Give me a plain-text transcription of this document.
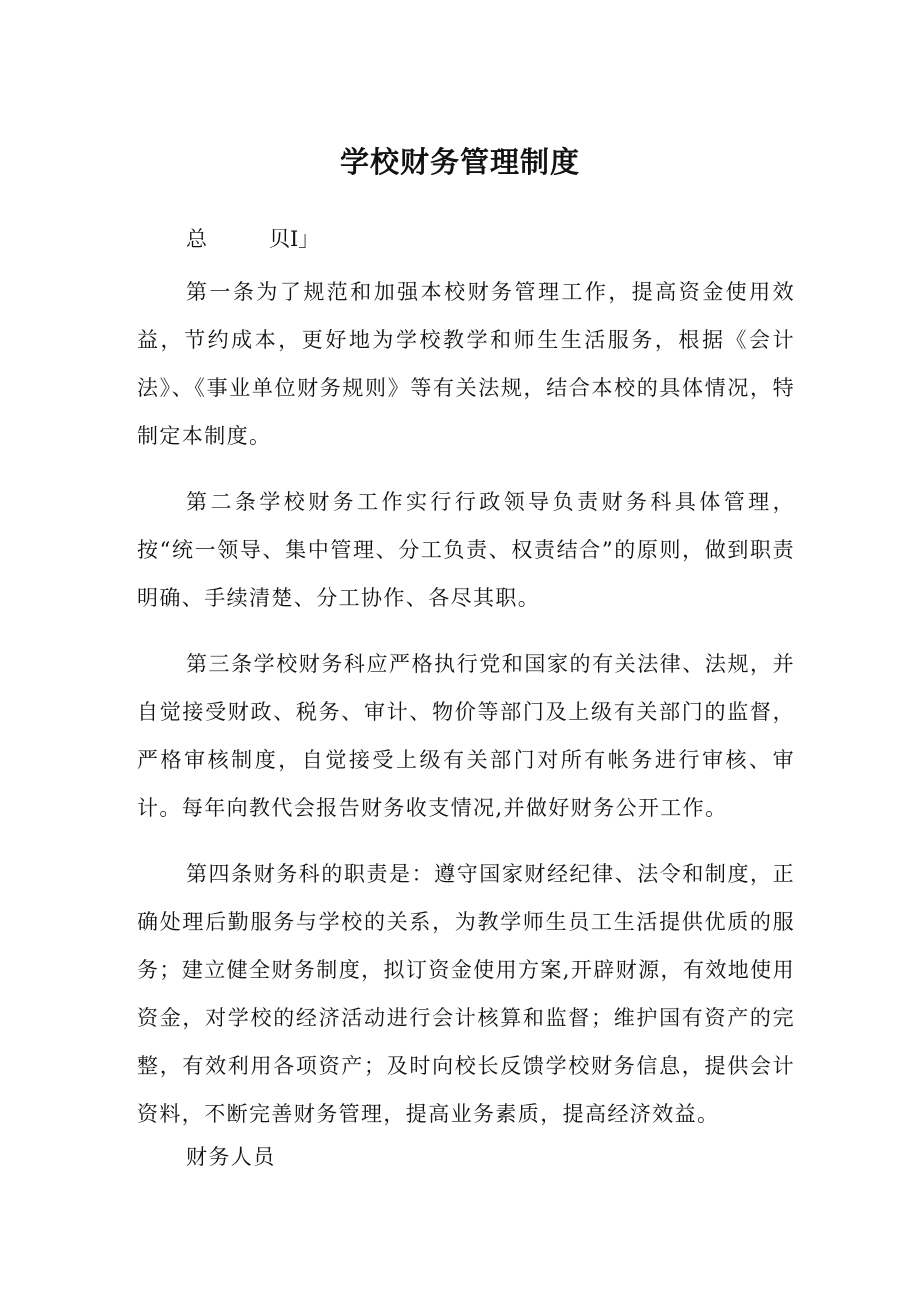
学校财务管理制度
总	贝I」

第一条为了规范和加强本校财务管理工作，提高资金使用效益，节约成本，更好地为学校教学和师生生活服务，根据《会计法》、《事业单位财务规则》等有关法规，结合本校的具体情况，特制定本制度。

第二条学校财务工作实行行政领导负责财务科具体管理，按“统一领导、集中管理、分工负责、权责结合”的原则，做到职责明确、手续清楚、分工协作、各尽其职。

第三条学校财务科应严格执行党和国家的有关法律、法规，并自觉接受财政、税务、审计、物价等部门及上级有关部门的监督，严格审核制度，自觉接受上级有关部门对所有帐务进行审核、审计。每年向教代会报告财务收支情况,并做好财务公开工作。

第四条财务科的职责是：遵守国家财经纪律、法令和制度，正确处理后勤服务与学校的关系，为教学师生员工生活提供优质的服务；建立健全财务制度，拟订资金使用方案,开辟财源，有效地使用资金，对学校的经济活动进行会计核算和监督；维护国有资产的完整，有效利用各项资产；及时向校长反馈学校财务信息，提供会计资料，不断完善财务管理，提高业务素质，提高经济效益。

财务人员
